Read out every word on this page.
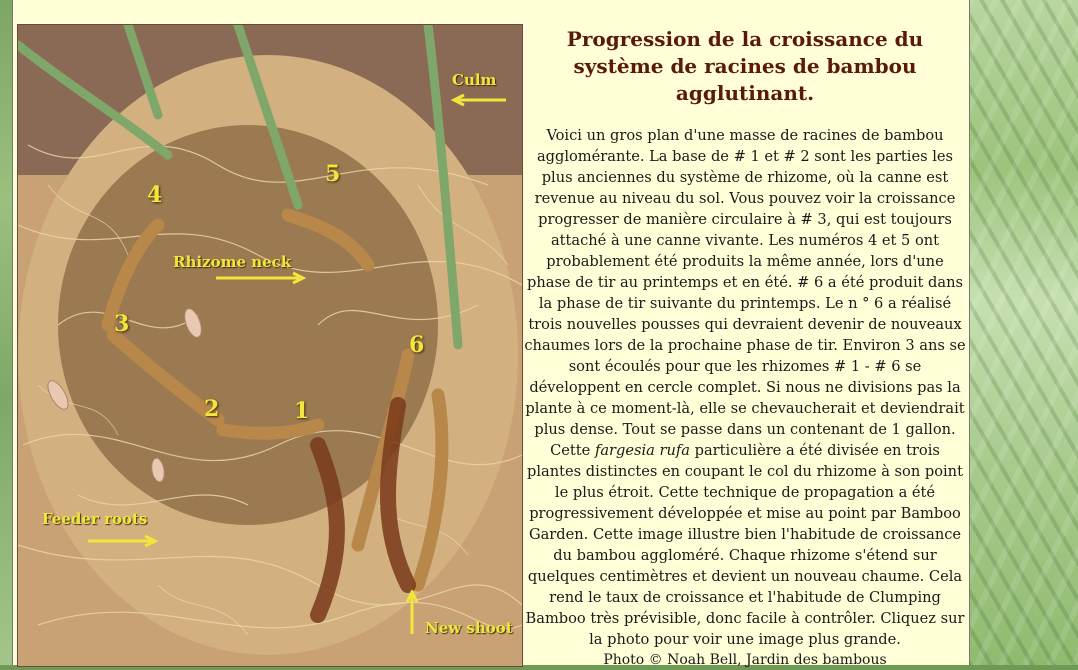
Culm
Rhizome neck
Feeder roots
New shoot
1
2
3
4
5
6
Progression de la croissance du système de racines de bambou agglutinant.

Voici un gros plan d'une masse de racines de bambou agglomérante. La base de # 1 et # 2 sont les parties les plus anciennes du système de rhizome, où la canne est revenue au niveau du sol. Vous pouvez voir la croissance progresser de manière circulaire à # 3, qui est toujours attaché à une canne vivante. Les numéros 4 et 5 ont probablement été produits la même année, lors d'une phase de tir au printemps et en été. # 6 a été produit dans la phase de tir suivante du printemps. Le n ° 6 a réalisé trois nouvelles pousses qui devraient devenir de nouveaux chaumes lors de la prochaine phase de tir. Environ 3 ans se sont écoulés pour que les rhizomes # 1 - # 6 se développent en cercle complet. Si nous ne divisions pas la plante à ce moment-là, elle se chevaucherait et deviendrait plus dense. Tout se passe dans un contenant de 1 gallon. Cette fargesia rufa particulière a été divisée en trois plantes distinctes en coupant le col du rhizome à son point le plus étroit. Cette technique de propagation a été progressivement développée et mise au point par Bamboo Garden. Cette image illustre bien l'habitude de croissance du bambou aggloméré. Chaque rhizome s'étend sur quelques centimètres et devient un nouveau chaume. Cela rend le taux de croissance et l'habitude de Clumping Bamboo très prévisible, donc facile à contrôler. Cliquez sur la photo pour voir une image plus grande.

Photo © Noah Bell, Jardin des bambous
